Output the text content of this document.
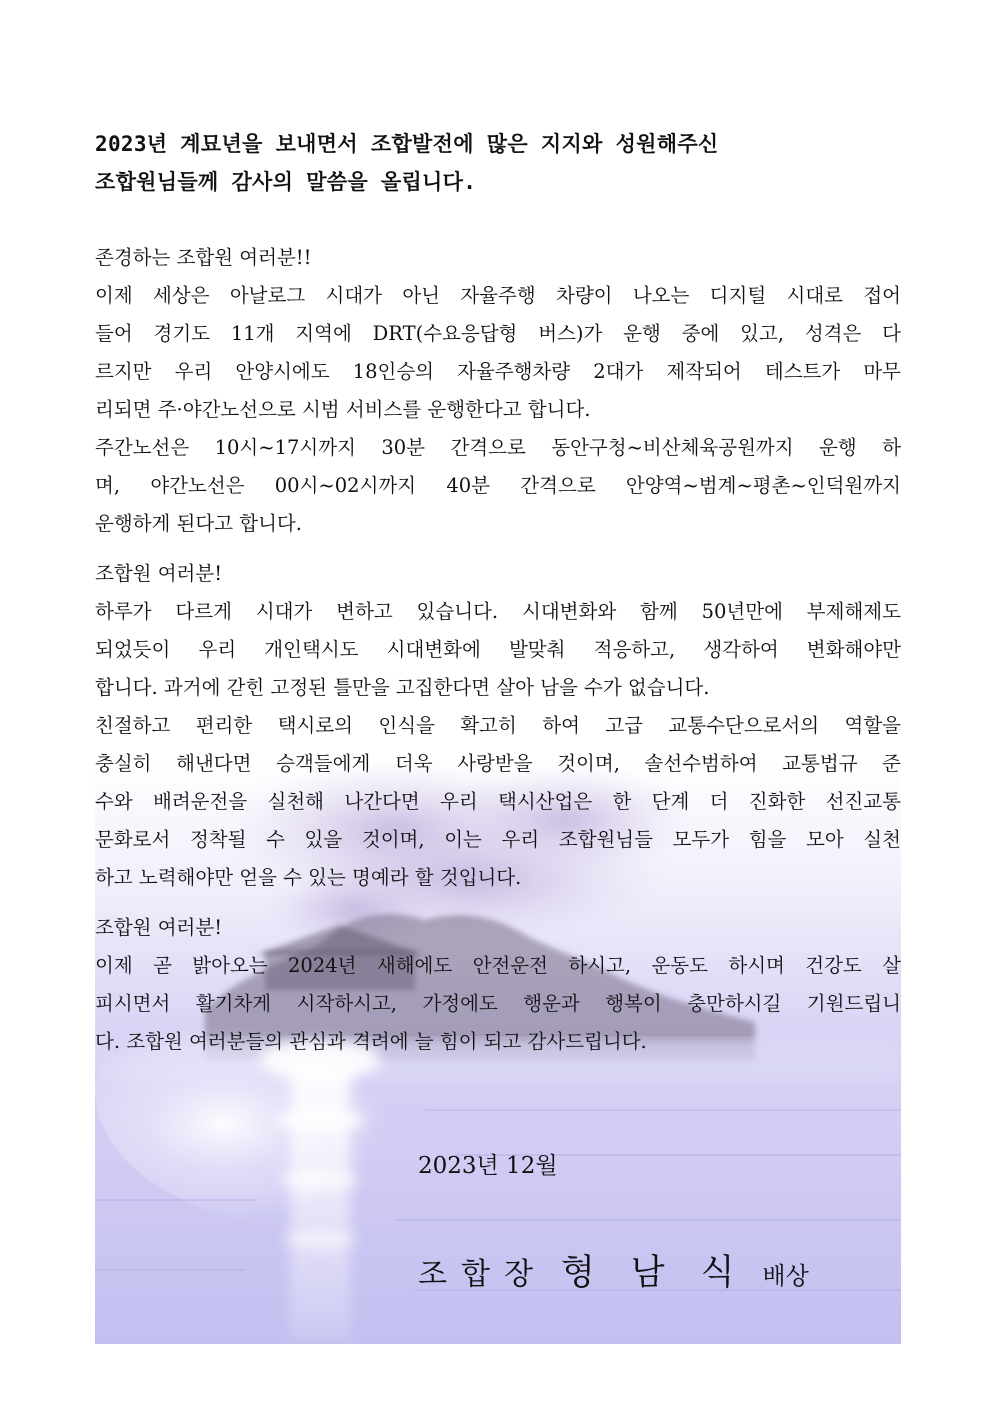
2023년 계묘년을 보내면서 조합발전에 많은 지지와 성원해주신
조합원님들께 감사의 말씀을 올립니다.
존경하는 조합원 여러분!!
이제 세상은 아날로그 시대가 아닌 자율주행 차량이 나오는 디지털 시대로 접어
들어 경기도 11개 지역에 DRT(수요응답형 버스)가 운행 중에 있고, 성격은 다
르지만 우리 안양시에도 18인승의 자율주행차량 2대가 제작되어 테스트가 마무
리되면 주·야간노선으로 시범 서비스를 운행한다고 합니다.
주간노선은 10시~17시까지 30분 간격으로 동안구청~비산체육공원까지 운행 하
며, 야간노선은 00시~02시까지 40분 간격으로 안양역~범계~평촌~인덕원까지
운행하게 된다고 합니다.
조합원 여러분!
하루가 다르게 시대가 변하고 있습니다. 시대변화와 함께 50년만에 부제해제도
되었듯이 우리 개인택시도 시대변화에 발맞춰 적응하고, 생각하여 변화해야만
합니다. 과거에 갇힌 고정된 틀만을 고집한다면 살아 남을 수가 없습니다.
친절하고 편리한 택시로의 인식을 확고히 하여 고급 교통수단으로서의 역할을
충실히 해낸다면 승객들에게 더욱 사랑받을 것이며, 솔선수범하여 교통법규 준
수와 배려운전을 실천해 나간다면 우리 택시산업은 한 단계 더 진화한 선진교통
문화로서 정착될 수 있을 것이며, 이는 우리 조합원님들 모두가 힘을 모아 실천
하고 노력해야만 얻을 수 있는 명예라 할 것입니다.
조합원 여러분!
이제 곧 밝아오는 2024년 새해에도 안전운전 하시고, 운동도 하시며 건강도 살
피시면서 활기차게 시작하시고, 가정에도 행운과 행복이 충만하시길 기원드립니
다. 조합원 여러분들의 관심과 격려에 늘 힘이 되고 감사드립니다.
2023년 12월
조합장 형남식
배상
